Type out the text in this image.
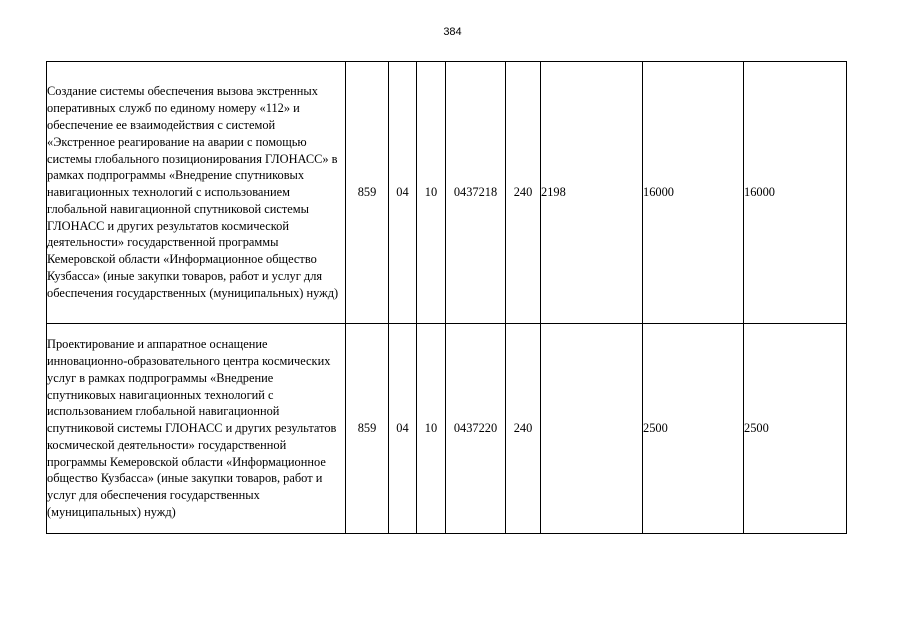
384
Создание системы обеспечения вызова экстренных оперативных служб по единому номеру «112» и обеспечение ее взаимодействия с системой «Экстренное реагирование на аварии с помощью системы глобального позиционирования ГЛОНАСС» в рамках подпрограммы «Внедрение спутниковых навигационных технологий с использованием глобальной навигационной спутниковой системы ГЛОНАСС и других результатов космической деятельности» государственной программы Кемеровской области «Информационное общество Кузбасса» (иные закупки товаров, работ и услуг для обеспечения государственных (муниципальных) нужд)	859	04	10	0437218	240	2198	16000	16000
Проектирование и аппаратное оснащение инновационно-образовательного центра космических услуг в рамках подпрограммы «Внедрение спутниковых навигационных технологий с использованием глобальной навигационной спутниковой системы ГЛОНАСС и других результатов космической деятельности» государственной программы Кемеровской области «Информационное общество Кузбасса» (иные закупки товаров, работ и услуг для обеспечения государственных (муниципальных) нужд)	859	04	10	0437220	240		2500	2500
